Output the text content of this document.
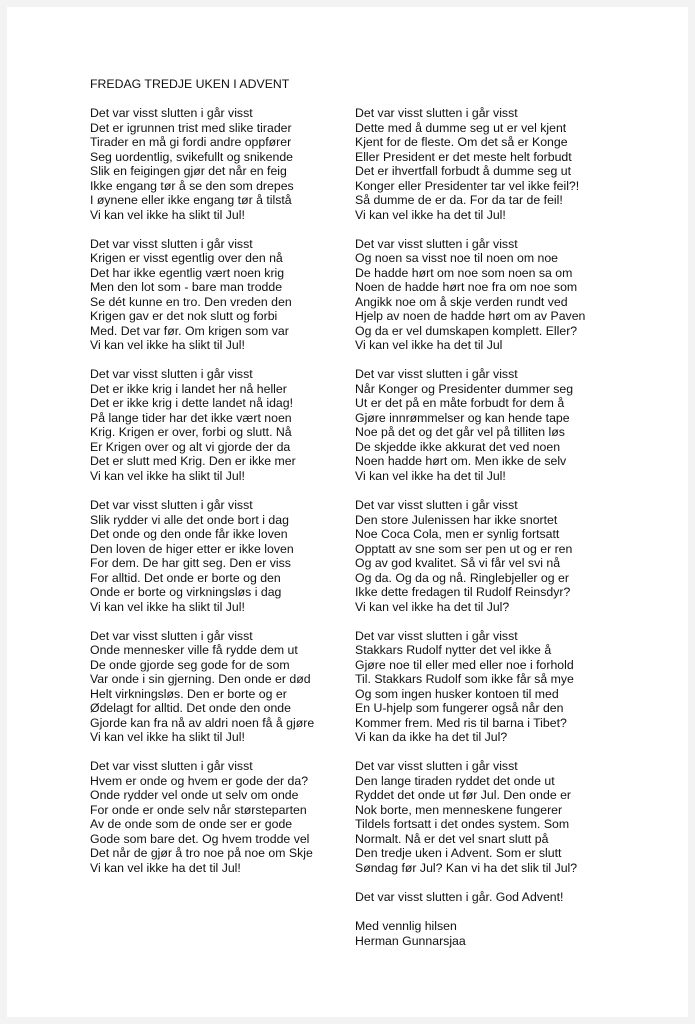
FREDAG TREDJE UKEN I ADVENT
Det var visst slutten i går visst
Det er igrunnen trist med slike tirader
Tirader en må gi fordi andre oppfører
Seg uordentlig, svikefullt og snikende
Slik en feigingen gjør det når en feig
Ikke engang tør å se den som drepes
I øynene eller ikke engang tør å tilstå
Vi kan vel ikke ha slikt til Jul!
Det var visst slutten i går visst
Krigen er visst egentlig over den nå
Det har ikke egentlig vært noen krig
Men den lot som - bare man trodde
Se dét kunne en tro. Den vreden den
Krigen gav er det nok slutt og forbi
Med. Det var før. Om krigen som var
Vi kan vel ikke ha slikt til Jul!
Det var visst slutten i går visst
Det er ikke krig i landet her nå heller
Det er ikke krig i dette landet nå idag!
På lange tider har det ikke vært noen
Krig. Krigen er over, forbi og slutt. Nå
Er Krigen over og alt vi gjorde der da
Det er slutt med Krig. Den er ikke mer
Vi kan vel ikke ha slikt til Jul!
Det var visst slutten i går visst
Slik rydder vi alle det onde bort i dag
Det onde og den onde får ikke loven
Den loven de higer etter er ikke loven
For dem. De har gitt seg. Den er viss
For alltid. Det onde er borte og den
Onde er borte og virkningsløs i dag
Vi kan vel ikke ha slikt til Jul!
Det var visst slutten i går visst
Onde mennesker ville få rydde dem ut
De onde gjorde seg gode for de som
Var onde i sin gjerning. Den onde er død
Helt virkningsløs. Den er borte og er
Ødelagt for alltid. Det onde den onde
Gjorde kan fra nå av aldri noen få å gjøre
Vi kan vel ikke ha slikt til Jul!
Det var visst slutten i går visst
Hvem er onde og hvem er gode der da?
Onde rydder vel onde ut selv om onde
For onde er onde selv når størsteparten
Av de onde som de onde ser er gode
Gode som bare det. Og hvem trodde vel
Det når de gjør å tro noe på noe om Skje
Vi kan vel ikke ha det til Jul!
Det var visst slutten i går visst
Dette med å dumme seg ut er vel kjent
Kjent for de fleste. Om det så er Konge
Eller President er det meste helt forbudt
Det er ihvertfall forbudt å dumme seg ut
Konger eller Presidenter tar vel ikke feil?!
Så dumme de er da. For da tar de feil!
Vi kan vel ikke ha det til Jul!
Det var visst slutten i går visst
Og noen sa visst noe til noen om noe
De hadde hørt om noe som noen sa om
Noen de hadde hørt noe fra om noe som
Angikk noe om å skje verden rundt ved
Hjelp av noen de hadde hørt om av Paven
Og da er vel dumskapen komplett. Eller?
Vi kan vel ikke ha det til Jul
Det var visst slutten i går visst
Når Konger og Presidenter dummer seg
Ut er det på en måte forbudt for dem å
Gjøre innrømmelser og kan hende tape
Noe på det og det går vel på tilliten løs
De skjedde ikke akkurat det ved noen
Noen hadde hørt om. Men ikke de selv
Vi kan vel ikke ha det til Jul!
Det var visst slutten i går visst
Den store Julenissen har ikke snortet
Noe Coca Cola, men er synlig fortsatt
Opptatt av sne som ser pen ut og er ren
Og av god kvalitet. Så vi får vel svi nå
Og da. Og da og nå. Ringlebjeller og er
Ikke dette fredagen til Rudolf Reinsdyr?
Vi kan vel ikke ha det til Jul?
Det var visst slutten i går visst
Stakkars Rudolf nytter det vel ikke å
Gjøre noe til eller med eller noe i forhold
Til. Stakkars Rudolf som ikke får så mye
Og som ingen husker kontoen til med
En U-hjelp som fungerer også når den
Kommer frem. Med ris til barna i Tibet?
Vi kan da ikke ha det til Jul?
Det var visst slutten i går visst
Den lange tiraden ryddet det onde ut
Ryddet det onde ut før Jul. Den onde er
Nok borte, men menneskene fungerer
Tildels fortsatt i det ondes system. Som
Normalt. Nå er det vel snart slutt på
Den tredje uken i Advent. Som er slutt
Søndag før Jul? Kan vi ha det slik til Jul?
Det var visst slutten i går. God Advent!
Med vennlig hilsen
Herman Gunnarsjaa
